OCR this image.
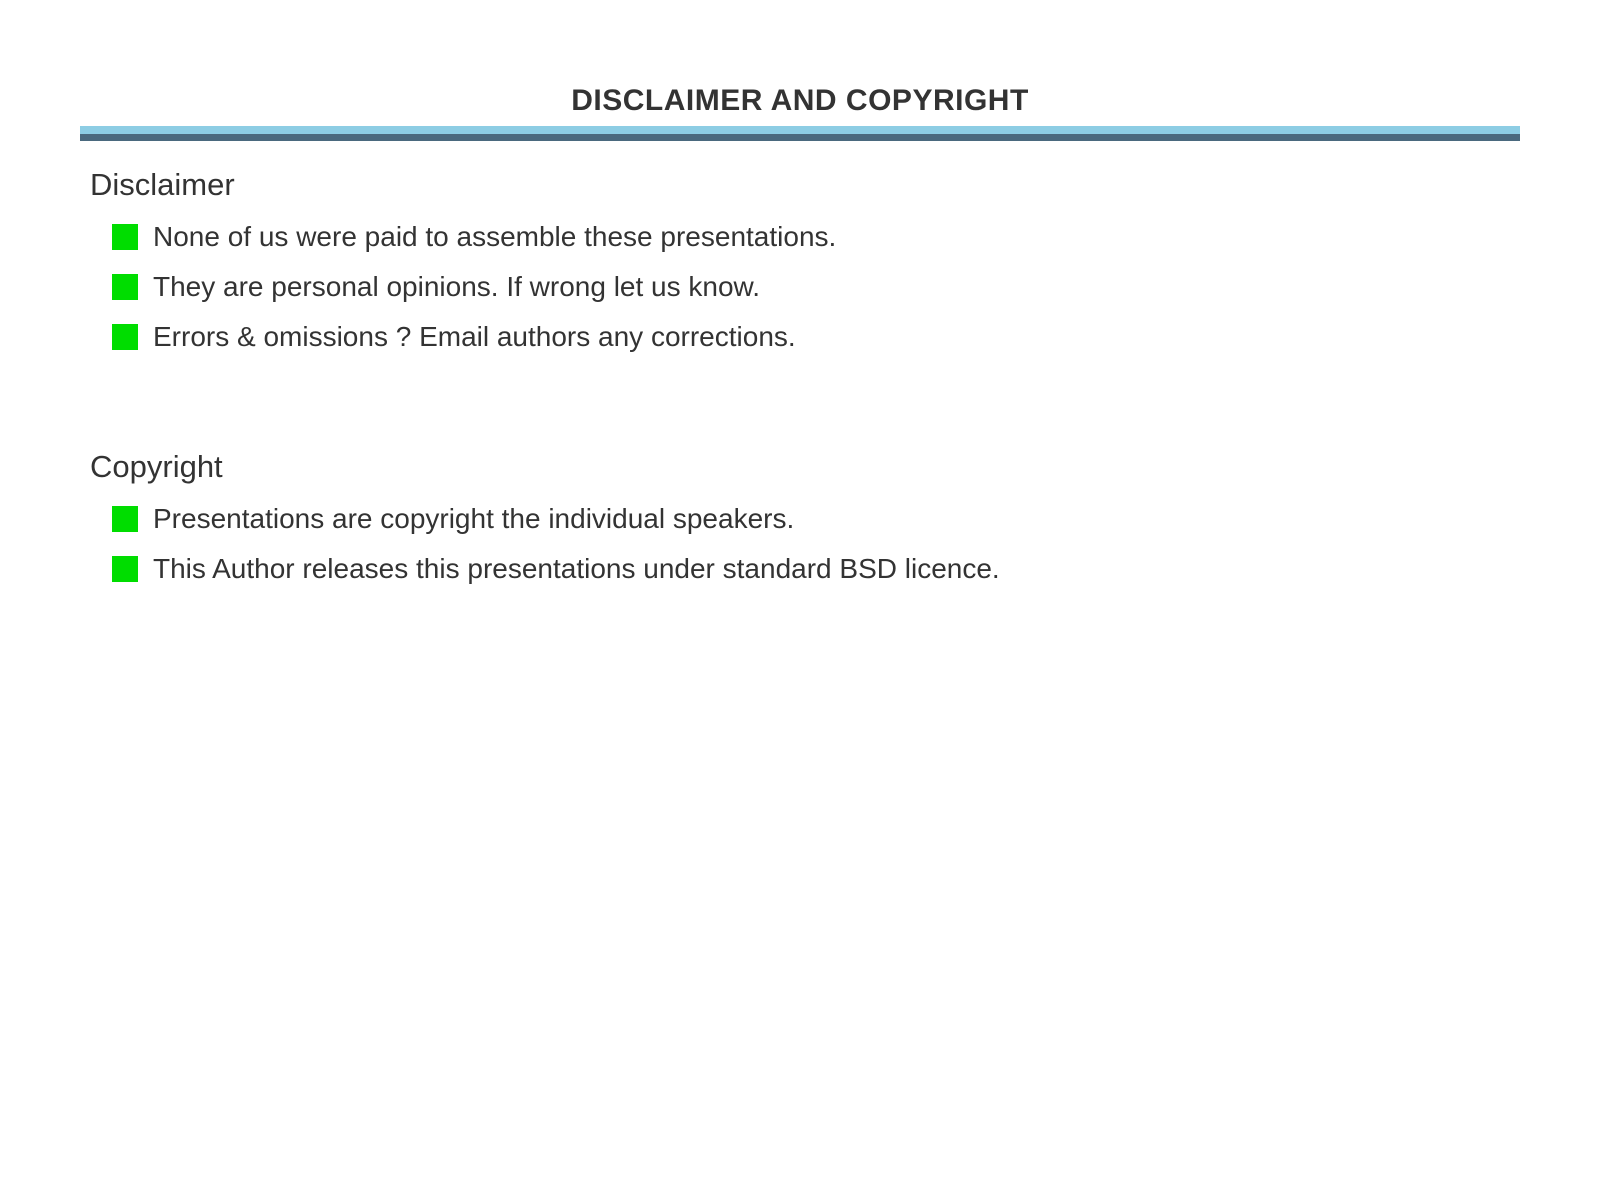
DISCLAIMER AND COPYRIGHT
Disclaimer
None of us were paid to assemble these presentations.
They are personal opinions. If wrong let us know.
Errors & omissions ? Email authors any corrections.
Copyright
Presentations are copyright the individual speakers.
This Author releases this presentations under standard BSD licence.
